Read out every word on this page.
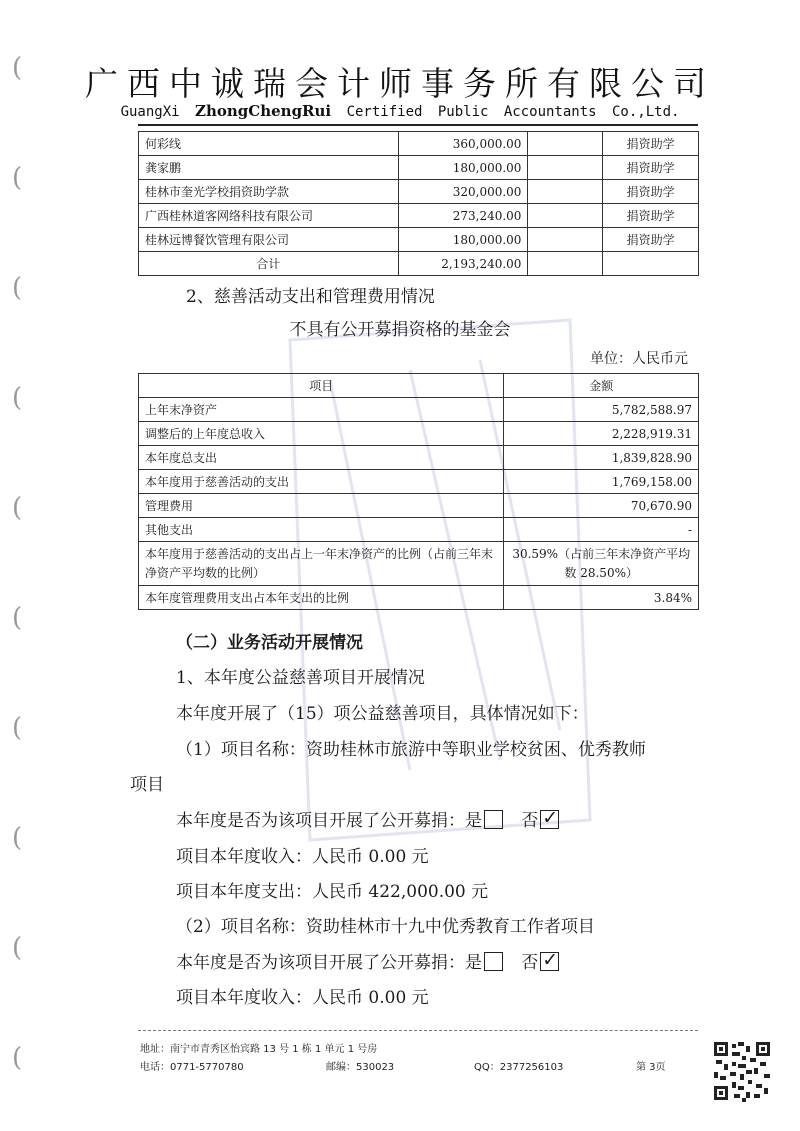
(
(
(
(
(
(
(
(
(
(
广西中诚瑞会计师事务所有限公司
GuangXi ZhongChengRui Certified Public Accountants Co.,Ltd.
何彩线	360,000.00		捐资助学
龚家鹏	180,000.00		捐资助学
桂林市奎光学校捐资助学款	320,000.00		捐资助学
广西桂林道客网络科技有限公司	273,240.00		捐资助学
桂林远博餐饮管理有限公司	180,000.00		捐资助学
合计	2,193,240.00		
2、慈善活动支出和管理费用情况
不具有公开募捐资格的基金会
单位：人民币元
项目	金额
上年末净资产	5,782,588.97
调整后的上年度总收入	2,228,919.31
本年度总支出	1,839,828.90
本年度用于慈善活动的支出	1,769,158.00
管理费用	70,670.90
其他支出	-
本年度用于慈善活动的支出占上一年末净资产的比例（占前三年末净资产平均数的比例）	30.59%（占前三年末净资产平均数 28.50%）
本年度管理费用支出占本年支出的比例	3.84%
（二）业务活动开展情况
1、本年度公益慈善项目开展情况
本年度开展了（15）项公益慈善项目，具体情况如下：
（1）项目名称：资助桂林市旅游中等职业学校贫困、优秀教师
项目
本年度是否为该项目开展了公开募捐：是 否✓
项目本年度收入：人民币 0.00 元
项目本年度支出：人民币 422,000.00 元
（2）项目名称：资助桂林市十九中优秀教育工作者项目
本年度是否为该项目开展了公开募捐：是 否✓
项目本年度收入：人民币 0.00 元
地址：南宁市青秀区怡宾路 13 号 1 栋 1 单元 1 号房
电话：0771-5770780	邮编：530023	QQ：2377256103	第 3页
